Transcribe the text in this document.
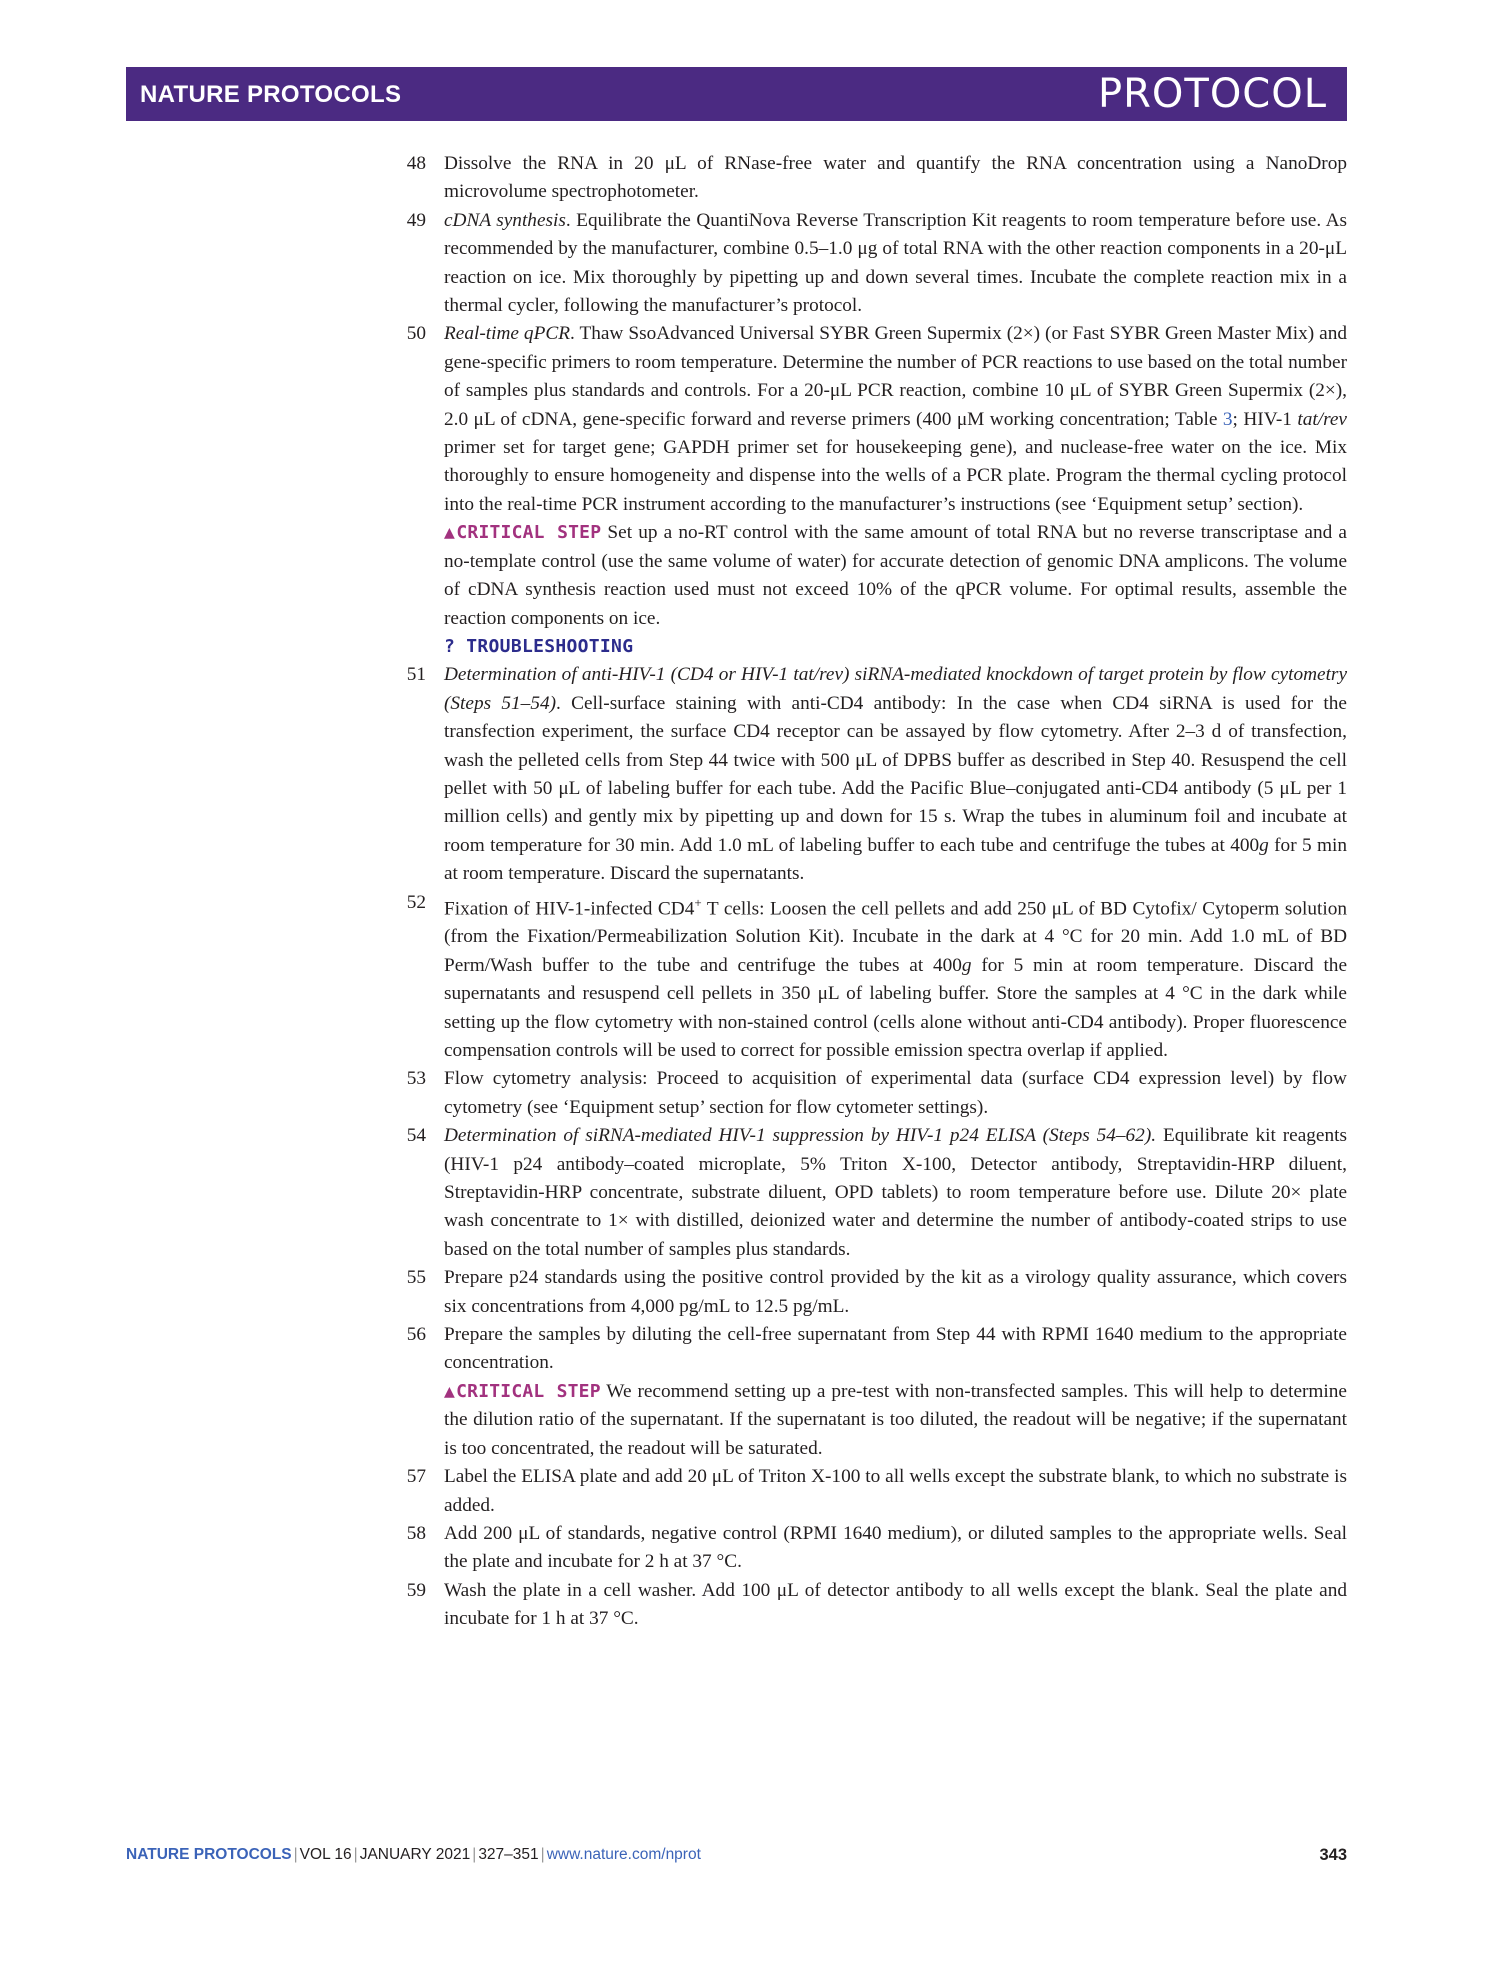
NATURE PROTOCOLS	PROTOCOL
48 Dissolve the RNA in 20 μL of RNase-free water and quantify the RNA concentration using a NanoDrop microvolume spectrophotometer.

49 cDNA synthesis. Equilibrate the QuantiNova Reverse Transcription Kit reagents to room temperature before use. As recommended by the manufacturer, combine 0.5–1.0 μg of total RNA with the other reaction components in a 20-μL reaction on ice. Mix thoroughly by pipetting up and down several times. Incubate the complete reaction mix in a thermal cycler, following the manufacturer’s protocol.

50 Real-time qPCR. Thaw SsoAdvanced Universal SYBR Green Supermix (2×) (or Fast SYBR Green Master Mix) and gene-specific primers to room temperature. Determine the number of PCR reactions to use based on the total number of samples plus standards and controls. For a 20-μL PCR reaction, combine 10 μL of SYBR Green Supermix (2×), 2.0 μL of cDNA, gene-specific forward and reverse primers (400 μM working concentration; Table 3; HIV-1 tat/rev primer set for target gene; GAPDH primer set for housekeeping gene), and nuclease-free water on the ice. Mix thoroughly to ensure homogeneity and dispense into the wells of a PCR plate. Program the thermal cycling protocol into the real-time PCR instrument according to the manufacturer’s instructions (see ‘Equipment setup’ section).

▲CRITICAL STEP Set up a no-RT control with the same amount of total RNA but no reverse transcriptase and a no-template control (use the same volume of water) for accurate detection of genomic DNA amplicons. The volume of cDNA synthesis reaction used must not exceed 10% of the qPCR volume. For optimal results, assemble the reaction components on ice.

? TROUBLESHOOTING

51 Determination of anti-HIV-1 (CD4 or HIV-1 tat/rev) siRNA-mediated knockdown of target protein by flow cytometry (Steps 51–54). Cell-surface staining with anti-CD4 antibody: In the case when CD4 siRNA is used for the transfection experiment, the surface CD4 receptor can be assayed by flow cytometry. After 2–3 d of transfection, wash the pelleted cells from Step 44 twice with 500 μL of DPBS buffer as described in Step 40. Resuspend the cell pellet with 50 μL of labeling buffer for each tube. Add the Pacific Blue–conjugated anti-CD4 antibody (5 μL per 1 million cells) and gently mix by pipetting up and down for 15 s. Wrap the tubes in aluminum foil and incubate at room temperature for 30 min. Add 1.0 mL of labeling buffer to each tube and centrifuge the tubes at 400g for 5 min at room temperature. Discard the supernatants.

52 Fixation of HIV-1-infected CD4+ T cells: Loosen the cell pellets and add 250 μL of BD Cytofix/ Cytoperm solution (from the Fixation/Permeabilization Solution Kit). Incubate in the dark at 4 °C for 20 min. Add 1.0 mL of BD Perm/Wash buffer to the tube and centrifuge the tubes at 400g for 5 min at room temperature. Discard the supernatants and resuspend cell pellets in 350 μL of labeling buffer. Store the samples at 4 °C in the dark while setting up the flow cytometry with non-stained control (cells alone without anti-CD4 antibody). Proper fluorescence compensation controls will be used to correct for possible emission spectra overlap if applied.

53 Flow cytometry analysis: Proceed to acquisition of experimental data (surface CD4 expression level) by flow cytometry (see ‘Equipment setup’ section for flow cytometer settings).

54 Determination of siRNA-mediated HIV-1 suppression by HIV-1 p24 ELISA (Steps 54–62). Equilibrate kit reagents (HIV-1 p24 antibody–coated microplate, 5% Triton X-100, Detector antibody, Streptavidin-HRP diluent, Streptavidin-HRP concentrate, substrate diluent, OPD tablets) to room temperature before use. Dilute 20× plate wash concentrate to 1× with distilled, deionized water and determine the number of antibody-coated strips to use based on the total number of samples plus standards.

55 Prepare p24 standards using the positive control provided by the kit as a virology quality assurance, which covers six concentrations from 4,000 pg/mL to 12.5 pg/mL.

56 Prepare the samples by diluting the cell-free supernatant from Step 44 with RPMI 1640 medium to the appropriate concentration.

▲CRITICAL STEP We recommend setting up a pre-test with non-transfected samples. This will help to determine the dilution ratio of the supernatant. If the supernatant is too diluted, the readout will be negative; if the supernatant is too concentrated, the readout will be saturated.

57 Label the ELISA plate and add 20 μL of Triton X-100 to all wells except the substrate blank, to which no substrate is added.

58 Add 200 μL of standards, negative control (RPMI 1640 medium), or diluted samples to the appropriate wells. Seal the plate and incubate for 2 h at 37 °C.

59 Wash the plate in a cell washer. Add 100 μL of detector antibody to all wells except the blank. Seal the plate and incubate for 1 h at 37 °C.

NATURE PROTOCOLS | VOL 16 | JANUARY 2021 | 327–351 | www.nature.com/nprot	343
